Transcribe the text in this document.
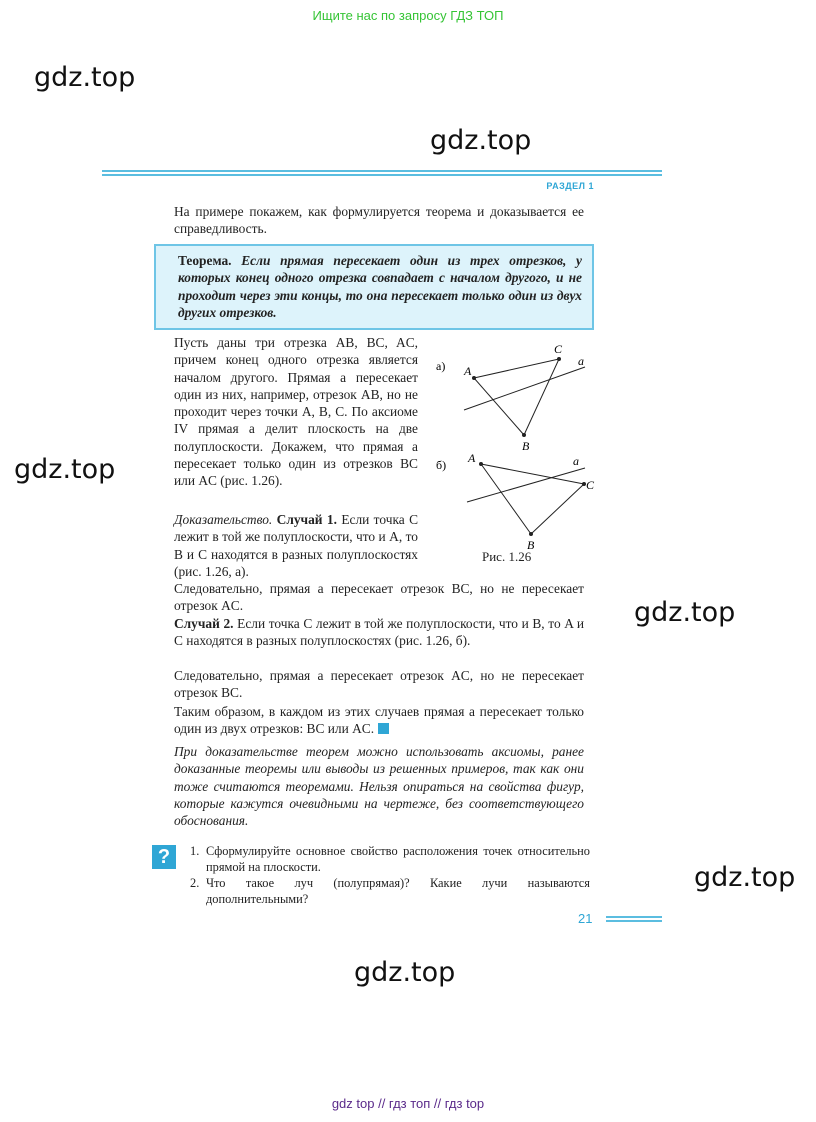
Ищите нас по запросу ГДЗ ТОП
gdz.top
gdz.top
gdz.top
gdz.top
gdz.top
gdz.top
РАЗДЕЛ 1
На примере покажем, как формулируется теорема и доказывается ее справедливость.
Теорема. Если прямая пересекает один из трех отрезков, у которых конец одного отрезка совпадает с началом другого, и не проходит через эти концы, то она пересекает только один из двух других отрезков.
Пусть даны три отрезка AB, BC, AC, причем конец одного отрезка является началом другого. Прямая a пересекает один из них, например, отрезок AB, но не проходит через точки A, B, C. По аксиоме IV прямая a делит плоскость на две полуплоскости. Докажем, что прямая a пересекает только один из отрезков BC или AC (рис. 1.26).
Доказательство. Случай 1. Если точка C лежит в той же полуплоскости, что и A, то B и C находятся в разных полуплоскостях (рис. 1.26, а).
Следовательно, прямая a пересекает отрезок BC, но не пересекает отрезок AC.
Случай 2. Если точка C лежит в той же полуплоскости, что и B, то A и C находятся в разных полуплоскостях (рис. 1.26, б).
Следовательно, прямая a пересекает отрезок AC, но не пересекает отрезок BC.
Таким образом, в каждом из этих случаев прямая a пересекает только один из двух отрезков: BC или AC.
При доказательстве теорем можно использовать аксиомы, ранее доказанные теоремы или выводы из решенных примеров, так как они тоже считаются теоремами. Нельзя опираться на свойства фигур, которые кажутся очевидными на чертеже, без соответствующего обоснования.
а) A
C
B
a
б) A
C
B
a
Рис. 1.26
?	1. Сформулируйте основное свойство расположения точек относительно прямой на плоскости.
2. Что такое луч (полупрямая)? Какие лучи называются дополнительными?
21
gdz top // гдз топ // гдз top
